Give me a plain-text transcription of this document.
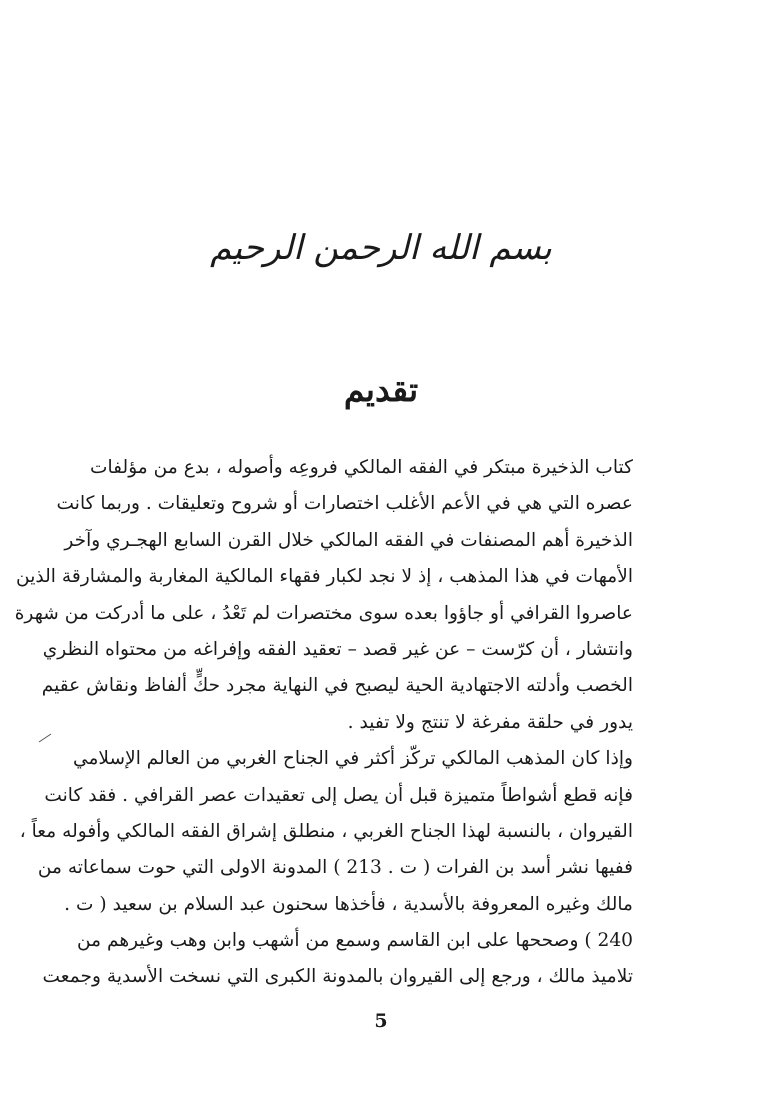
بسم الله الرحمن الرحيم
تقديم
كتاب الذخيرة مبتكر في الفقه المالكي فروعِه وأصوله ، بدع من مؤلفات
عصره التي هي في الأعم الأغلب اختصارات أو شروح وتعليقات . وربما كانت
الذخيرة أهم المصنفات في الفقه المالكي خلال القرن السابع الهجـري وآخر
الأمهات في هذا المذهب ، إذ لا نجد لكبار فقهاء المالكية المغاربة والمشارقة الذين
عاصروا القرافي أو جاؤوا بعده سوى مختصرات لم تَعْدُ ، على ما أدركت من شهرة
وانتشار ، أن كرّست – عن غير قصد – تعقيد الفقه وإفراغه من محتواه النظري
الخصب وأدلته الاجتهادية الحية ليصبح في النهاية مجرد حكٍّ ألفاظ ونقاش عقيم
يدور في حلقة مفرغة لا تنتج ولا تفيد .
وإذا كان المذهب المالكي تركّز أكثر في الجناح الغربي من العالم الإسلامي
فإنه قطع أشواطاً متميزة قبل أن يصل إلى تعقيدات عصر القرافي . فقد كانت
القيروان ، بالنسبة لهذا الجناح الغربي ، منطلق إشراق الفقه المالكي وأفوله معاً ،
ففيها نشر أسد بن الفرات ( ت . 213 ) المدونة الاولى التي حوت سماعاته من
مالك وغيره المعروفة بالأسدية ، فأخذها سحنون عبد السلام بن سعيد ( ت .
240 ) وصححها على ابن القاسم وسمع من أشهب وابن وهب وغيرهم من
تلاميذ مالك ، ورجع إلى القيروان بالمدونة الكبرى التي نسخت الأسدية وجمعت
5
